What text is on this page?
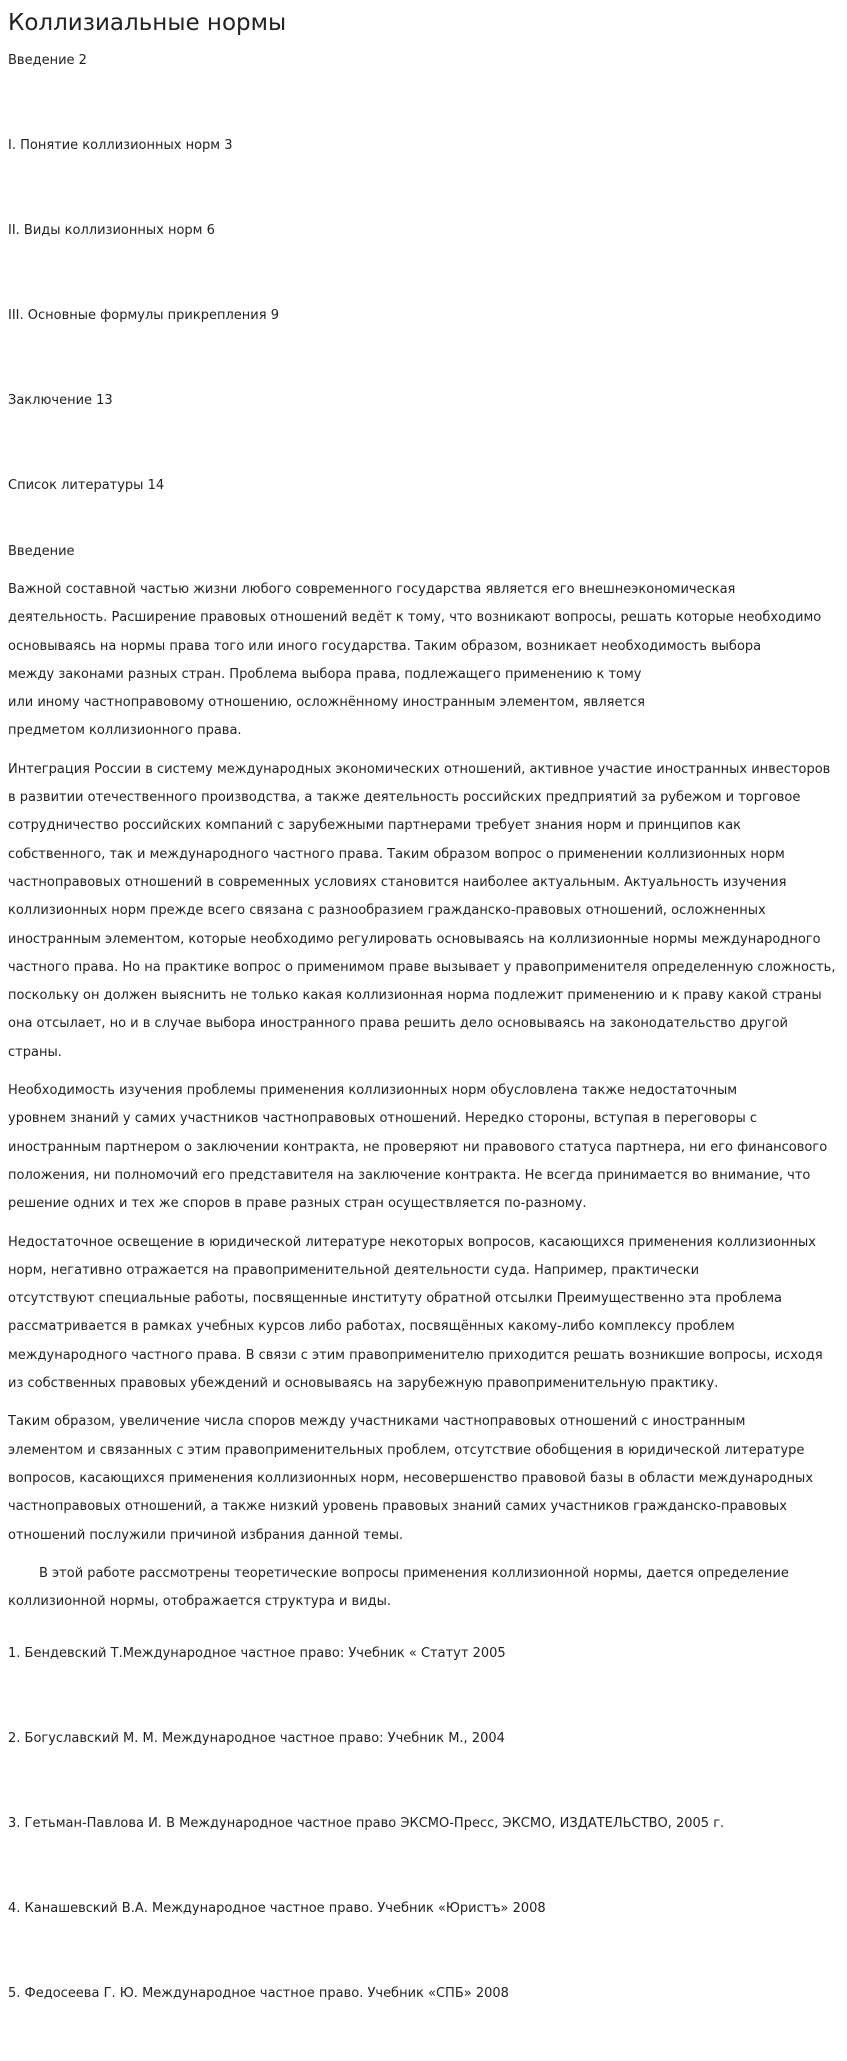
Коллизиальные нормы
Введение 2
I. Понятие коллизионных норм 3
II. Виды коллизионных норм 6
III. Основные формулы прикрепления 9
Заключение 13
Список литературы 14
Введение
Важной составной частью жизни любого современного государства является его внешнеэкономическая
деятельность. Расширение правовых отношений ведёт к тому, что возникают вопросы, решать которые необходимо
основываясь на нормы права того или иного государства. Таким образом, возникает необходимость выбора
между законами разных стран. Проблема выбора права, подлежащего применению к тому
или иному частноправовому отношению, осложнённому иностранным элементом, является
предметом коллизионного права.
Интеграция России в систему международных экономических отношений, активное участие иностранных инвесторов
в развитии отечественного производства, а также деятельность российских предприятий за рубежом и торговое
сотрудничество российских компаний с зарубежными партнерами требует знания норм и принципов как
собственного, так и международного частного права. Таким образом вопрос о применении коллизионных норм
частноправовых отношений в современных условиях становится наиболее актуальным. Актуальность изучения
коллизионных норм прежде всего связана с разнообразием гражданско-правовых отношений, осложненных
иностранным элементом, которые необходимо регулировать основываясь на коллизионные нормы международного
частного права. Но на практике вопрос о применимом праве вызывает у правоприменителя определенную сложность,
поскольку он должен выяснить не только какая коллизионная норма подлежит применению и к праву какой страны
она отсылает, но и в случае выбора иностранного права решить дело основываясь на законодательство другой
страны.
Необходимость изучения проблемы применения коллизионных норм обусловлена также недостаточным
уровнем знаний у самих участников частноправовых отношений. Нередко стороны, вступая в переговоры с
иностранным партнером о заключении контракта, не проверяют ни правового статуса партнера, ни его финансового
положения, ни полномочий его представителя на заключение контракта. Не всегда принимается во внимание, что
решение одних и тех же споров в праве разных стран осуществляется по-разному.
Недостаточное освещение в юридической литературе некоторых вопросов, касающихся применения коллизионных
норм, негативно отражается на правоприменительной деятельности суда. Например, практически
отсутствуют специальные работы, посвященные институту обратной отсылки Преимущественно эта проблема
рассматривается в рамках учебных курсов либо работах, посвящённых какому-либо комплексу проблем
международного частного права. В связи с этим правоприменителю приходится решать возникшие вопросы, исходя
из собственных правовых убеждений и основываясь на зарубежную правоприменительную практику.
Таким образом, увеличение числа споров между участниками частноправовых отношений с иностранным
элементом и связанных с этим правоприменительных проблем, отсутствие обобщения в юридической литературе
вопросов, касающихся применения коллизионных норм, несовершенство правовой базы в области международных
частноправовых отношений, а также низкий уровень правовых знаний самих участников гражданско-правовых
отношений послужили причиной избрания данной темы.
В этой работе рассмотрены теоретические вопросы применения коллизионной нормы, дается определение
коллизионной нормы, отображается структура и виды.
1. Бендевский Т.Международное частное право: Учебник « Статут 2005
2. Богуславский М. М. Международное частное право: Учебник М., 2004
3. Гетьман-Павлова И. В Международное частное право ЭКСМО-Пресс, ЭКСМО, ИЗДАТЕЛЬСТВО, 2005 г.
4. Канашевский В.А. Международное частное право. Учебник «Юристъ» 2008
5. Федосеева Г. Ю. Международное частное право. Учебник «СПБ» 2008
